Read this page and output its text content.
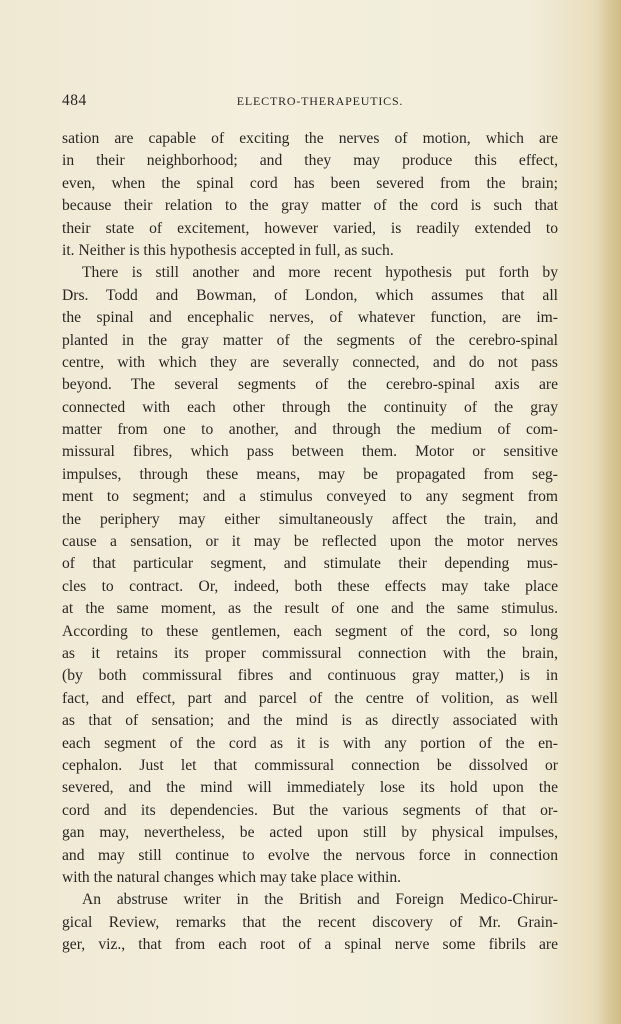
484	ELECTRO-THERAPEUTICS.
sation are capable of exciting the nerves of motion, which are
in their neighborhood; and they may produce this effect,
even, when the spinal cord has been severed from the brain;
because their relation to the gray matter of the cord is such that
their state of excitement, however varied, is readily extended to
it. Neither is this hypothesis accepted in full, as such.
There is still another and more recent hypothesis put forth by
Drs. Todd and Bowman, of London, which assumes that all
the spinal and encephalic nerves, of whatever function, are im-
planted in the gray matter of the segments of the cerebro-spinal
centre, with which they are severally connected, and do not pass
beyond. The several segments of the cerebro-spinal axis are
connected with each other through the continuity of the gray
matter from one to another, and through the medium of com-
missural fibres, which pass between them. Motor or sensitive
impulses, through these means, may be propagated from seg-
ment to segment; and a stimulus conveyed to any segment from
the periphery may either simultaneously affect the train, and
cause a sensation, or it may be reflected upon the motor nerves
of that particular segment, and stimulate their depending mus-
cles to contract. Or, indeed, both these effects may take place
at the same moment, as the result of one and the same stimulus.
According to these gentlemen, each segment of the cord, so long
as it retains its proper commissural connection with the brain,
(by both commissural fibres and continuous gray matter,) is in
fact, and effect, part and parcel of the centre of volition, as well
as that of sensation; and the mind is as directly associated with
each segment of the cord as it is with any portion of the en-
cephalon. Just let that commissural connection be dissolved or
severed, and the mind will immediately lose its hold upon the
cord and its dependencies. But the various segments of that or-
gan may, nevertheless, be acted upon still by physical impulses,
and may still continue to evolve the nervous force in connection
with the natural changes which may take place within.
An abstruse writer in the British and Foreign Medico-Chirur-
gical Review, remarks that the recent discovery of Mr. Grain-
ger, viz., that from each root of a spinal nerve some fibrils are
